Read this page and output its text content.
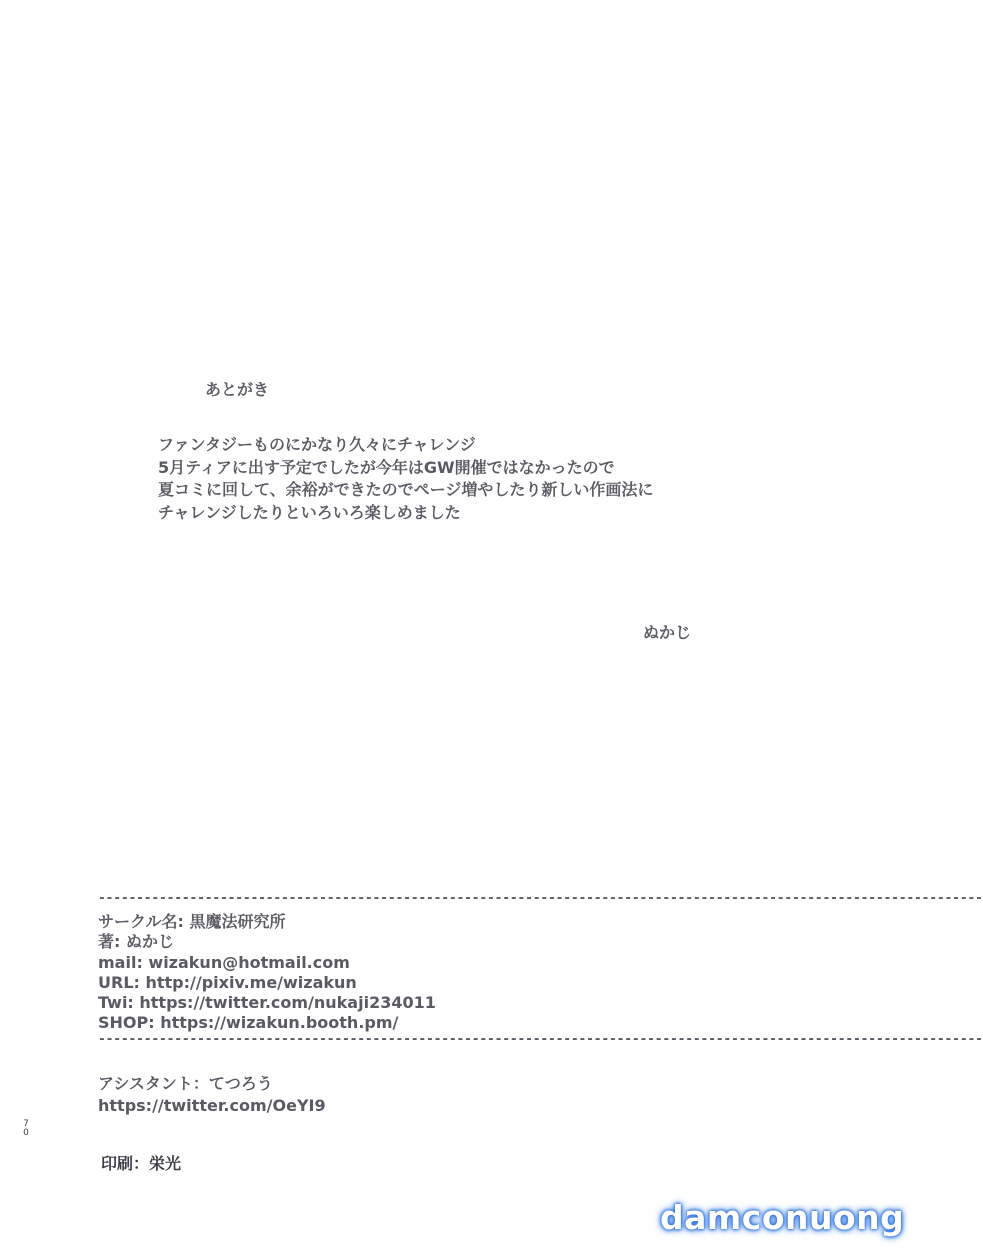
あとがき
ファンタジーものにかなり久々にチャレンジ
5月ティアに出す予定でしたが今年はGW開催ではなかったので
夏コミに回して、余裕ができたのでページ増やしたり新しい作画法に
チャレンジしたりといろいろ楽しめました
ぬかじ
--------------------------------------------------------------------------------------------------------------------
サークル名: 黒魔法研究所
著: ぬかじ
mail: wizakun@hotmail.com
URL: http://pixiv.me/wizakun
Twi: https://twitter.com/nukaji234011
SHOP: https://wizakun.booth.pm/
--------------------------------------------------------------------------------------------------------------------
アシスタント：てつろう
https://twitter.com/OeYI9
70
印刷：栄光
damconuong
